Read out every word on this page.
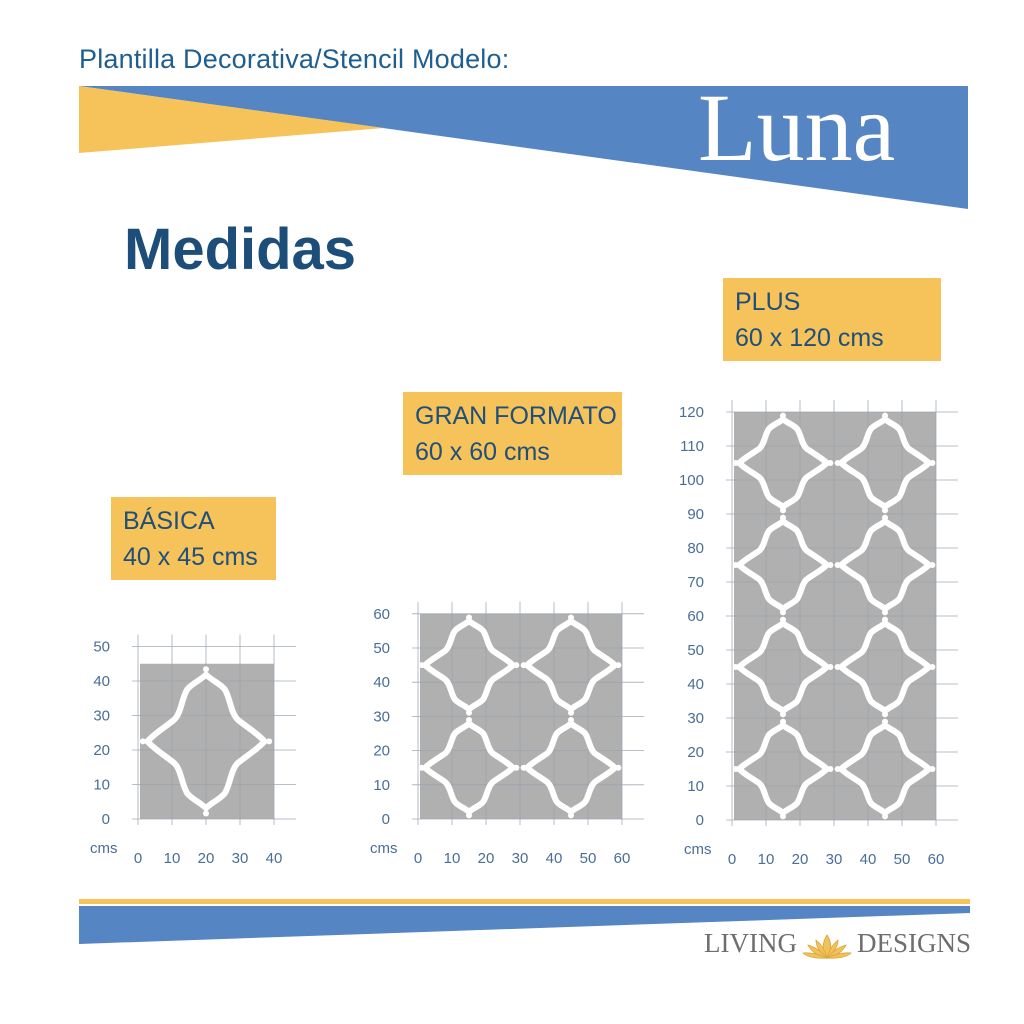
Plantilla Decorativa/Stencil Modelo:
Luna
Medidas
BÁSICA
40 x 45 cms
GRAN FORMATO
60 x 60 cms
PLUS
60 x 120 cms
0 10 20 30 40
0
10
20
30
40
50
cms
0 10 20 30 40 50 60
0
10
20
30
40
50
60
cms
0 10 20 30 40 50 60
0
10
20
30
40
50
60
70
80
90
100
110
120
cms
LIVING DESIGNS
